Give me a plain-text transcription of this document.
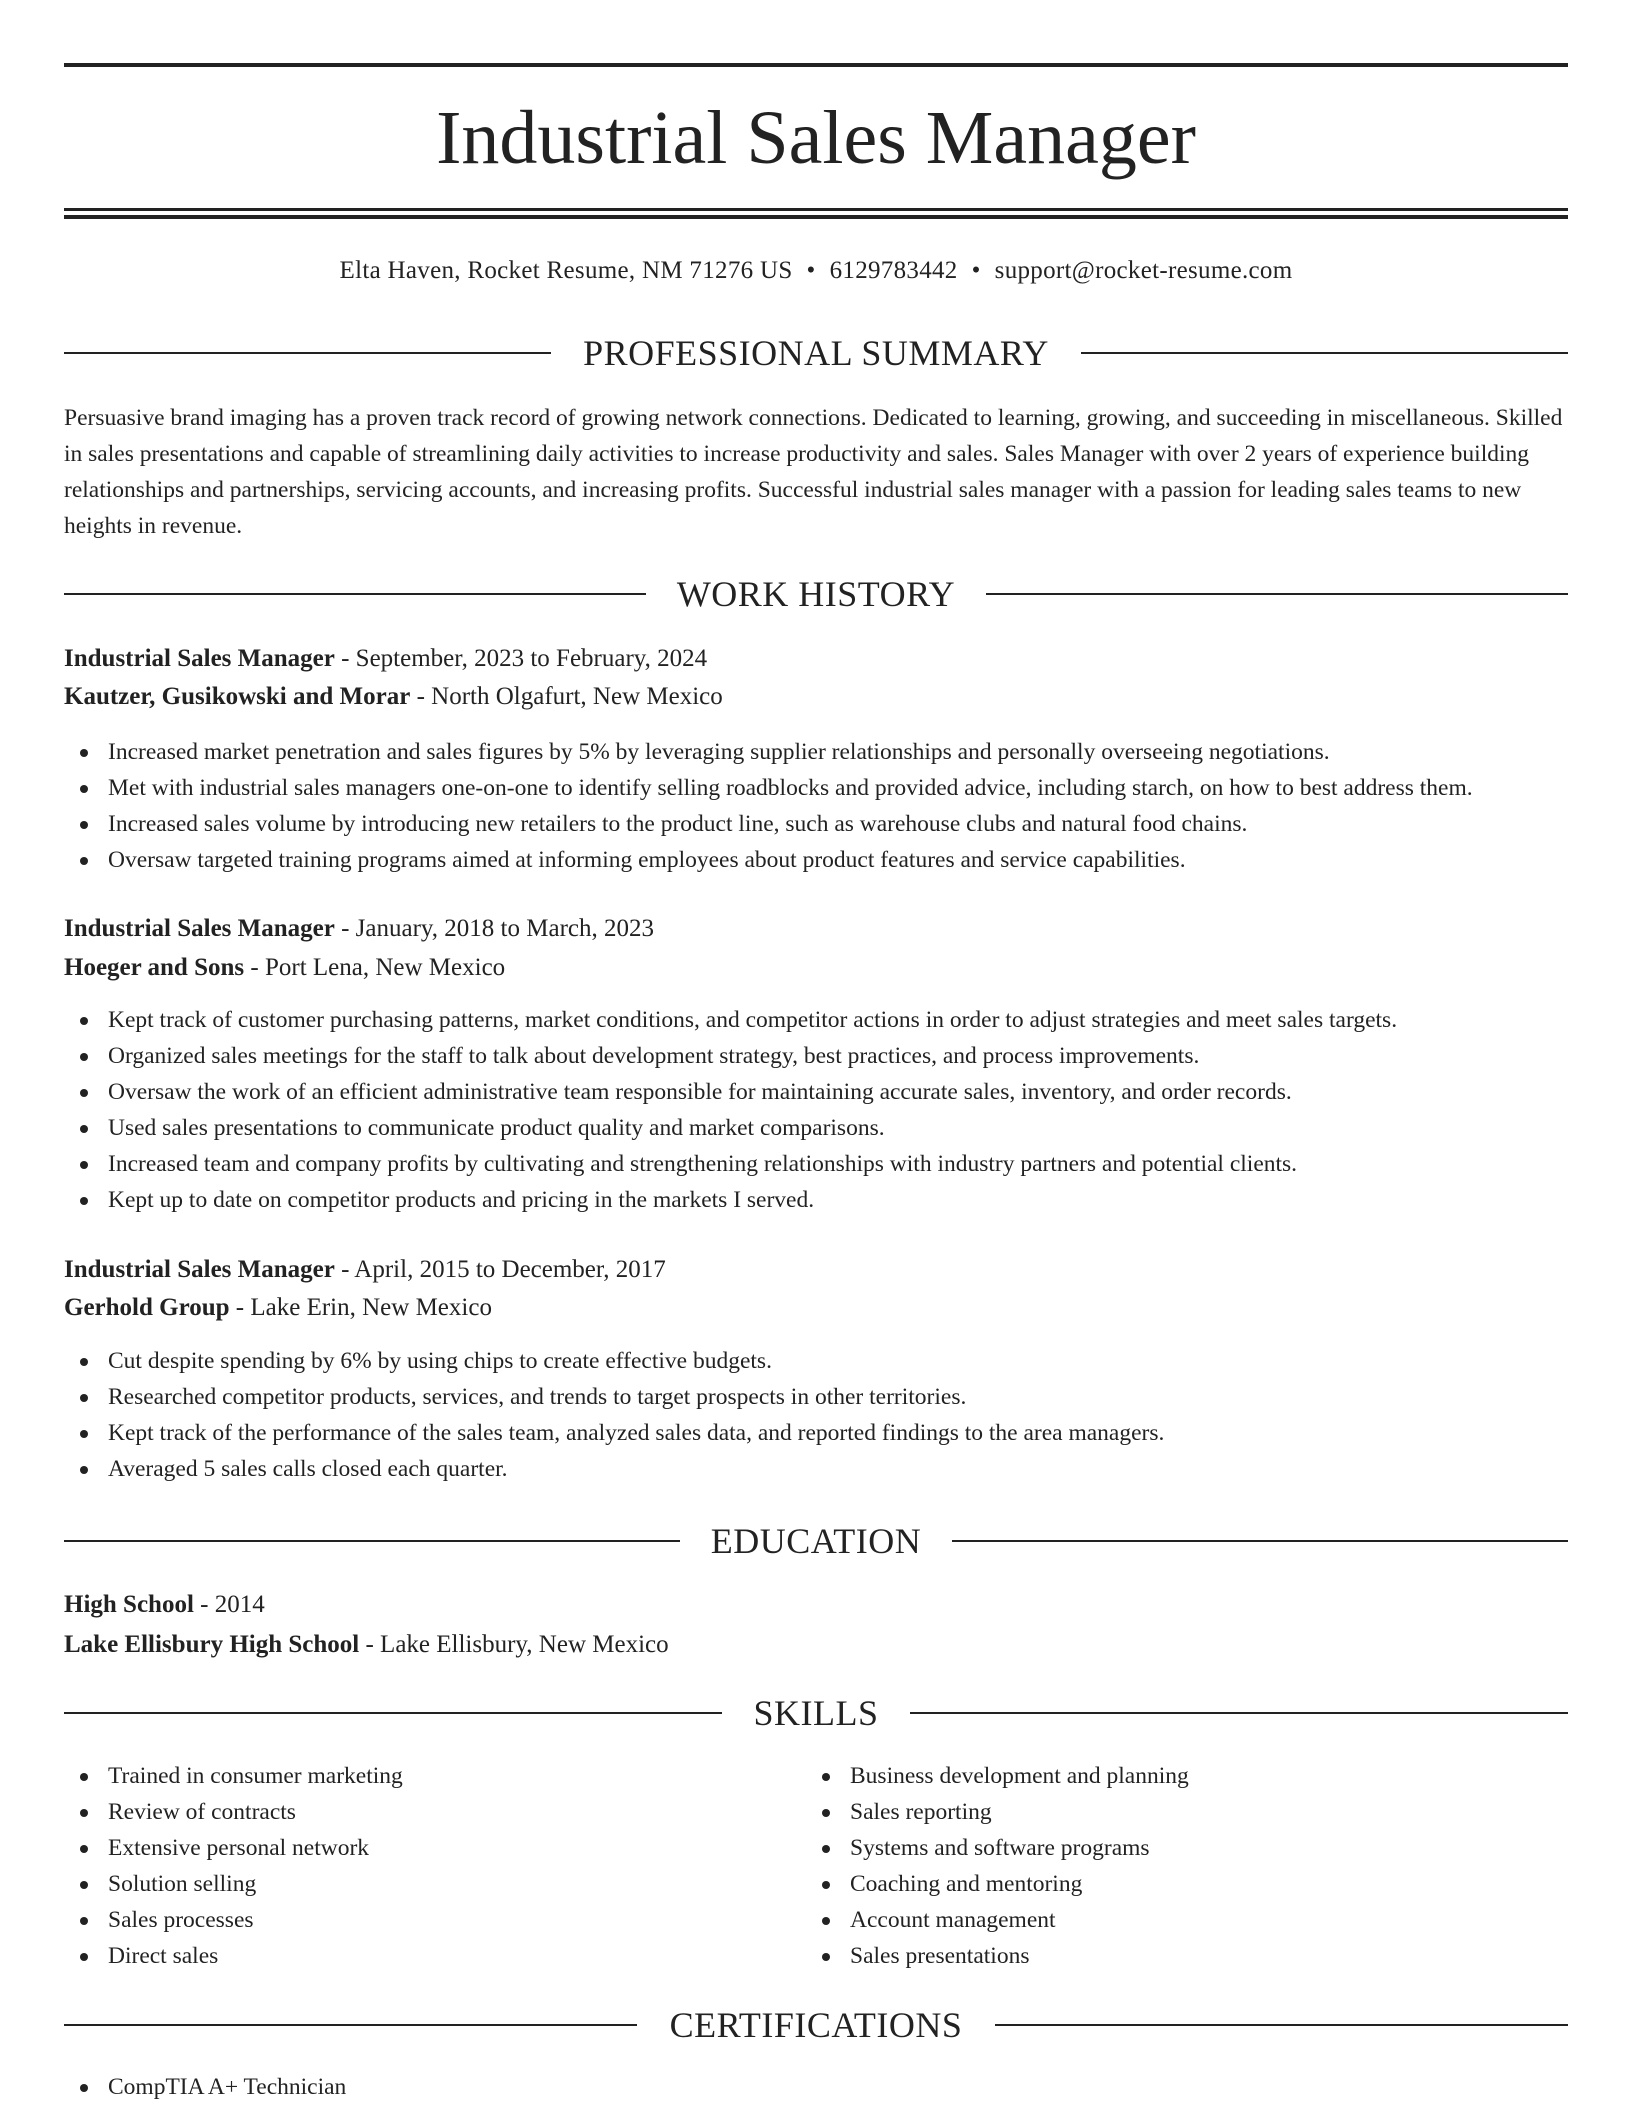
Industrial Sales Manager
Elta Haven, Rocket Resume, NM 71276 US • 6129783442 • support@rocket-resume.com
PROFESSIONAL SUMMARY

Persuasive brand imaging has a proven track record of growing network connections. Dedicated to learning, growing, and succeeding in miscellaneous. Skilled in sales presentations and capable of streamlining daily activities to increase productivity and sales. Sales Manager with over 2 years of experience building relationships and partnerships, servicing accounts, and increasing profits. Successful industrial sales manager with a passion for leading sales teams to new heights in revenue.

WORK HISTORY
Industrial Sales Manager - September, 2023 to February, 2024
Kautzer, Gusikowski and Morar - North Olgafurt, New Mexico
Increased market penetration and sales figures by 5% by leveraging supplier relationships and personally overseeing negotiations.
Met with industrial sales managers one-on-one to identify selling roadblocks and provided advice, including starch, on how to best address them.
Increased sales volume by introducing new retailers to the product line, such as warehouse clubs and natural food chains.
Oversaw targeted training programs aimed at informing employees about product features and service capabilities.
Industrial Sales Manager - January, 2018 to March, 2023
Hoeger and Sons - Port Lena, New Mexico
Kept track of customer purchasing patterns, market conditions, and competitor actions in order to adjust strategies and meet sales targets.
Organized sales meetings for the staff to talk about development strategy, best practices, and process improvements.
Oversaw the work of an efficient administrative team responsible for maintaining accurate sales, inventory, and order records.
Used sales presentations to communicate product quality and market comparisons.
Increased team and company profits by cultivating and strengthening relationships with industry partners and potential clients.
Kept up to date on competitor products and pricing in the markets I served.
Industrial Sales Manager - April, 2015 to December, 2017
Gerhold Group - Lake Erin, New Mexico
Cut despite spending by 6% by using chips to create effective budgets.
Researched competitor products, services, and trends to target prospects in other territories.
Kept track of the performance of the sales team, analyzed sales data, and reported findings to the area managers.
Averaged 5 sales calls closed each quarter.
EDUCATION
High School - 2014
Lake Ellisbury High School - Lake Ellisbury, New Mexico
SKILLS
Trained in consumer marketing
Review of contracts
Extensive personal network
Solution selling
Sales processes
Direct sales
Business development and planning
Sales reporting
Systems and software programs
Coaching and mentoring
Account management
Sales presentations
CERTIFICATIONS
CompTIA A+ Technician
